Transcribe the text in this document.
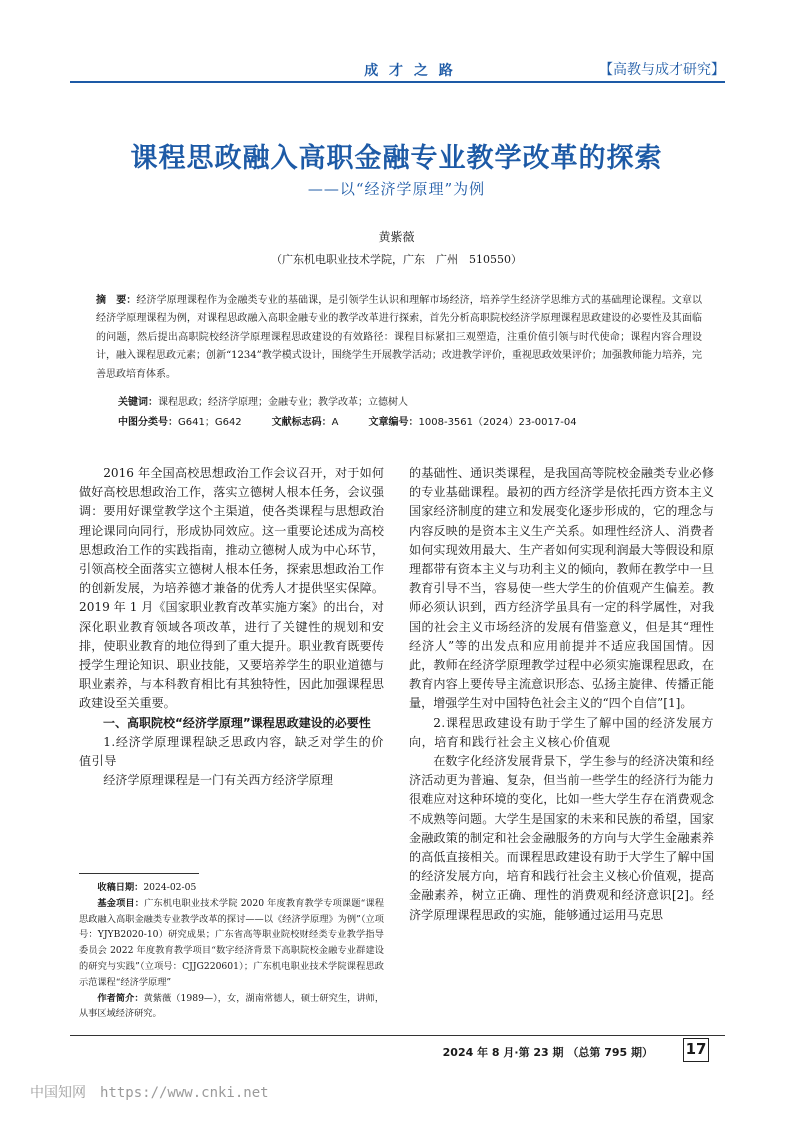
成 才 之 路	【高教与成才研究】
课程思政融入高职金融专业教学改革的探索
——以“经济学原理”为例
黄紫薇
（广东机电职业技术学院，广东　广州　510550）
摘　要：经济学原理课程作为金融类专业的基础课，是引领学生认识和理解市场经济，培养学生经济学思维方式的基础理论课程。文章以经济学原理课程为例，对课程思政融入高职金融专业的教学改革进行探索，首先分析高职院校经济学原理课程思政建设的必要性及其面临的问题，然后提出高职院校经济学原理课程思政建设的有效路径：课程目标紧扣三观塑造，注重价值引领与时代使命；课程内容合理设计，融入课程思政元素；创新“1234”教学模式设计，围绕学生开展教学活动；改进教学评价，重视思政效果评价；加强教师能力培养，完善思政培育体系。
关键词：课程思政；经济学原理；金融专业；教学改革；立德树人
中图分类号：G641；G642	文献标志码：A	文章编号：1008-3561（2024）23-0017-04

2016 年全国高校思想政治工作会议召开，对于如何做好高校思想政治工作，落实立德树人根本任务，会议强调：要用好课堂教学这个主渠道，使各类课程与思想政治理论课同向同行，形成协同效应。这一重要论述成为高校思想政治工作的实践指南，推动立德树人成为中心环节，引领高校全面落实立德树人根本任务，探索思想政治工作的创新发展，为培养德才兼备的优秀人才提供坚实保障。2019 年 1 月《国家职业教育改革实施方案》的出台，对深化职业教育领域各项改革，进行了关键性的规划和安排，使职业教育的地位得到了重大提升。职业教育既要传授学生理论知识、职业技能，又要培养学生的职业道德与职业素养，与本科教育相比有其独特性，因此加强课程思政建设至关重要。

一、高职院校“经济学原理”课程思政建设的必要性

1.经济学原理课程缺乏思政内容，缺乏对学生的价值引导

经济学原理课程是一门有关西方经济学原理

的基础性、通识类课程，是我国高等院校金融类专业必修的专业基础课程。最初的西方经济学是依托西方资本主义国家经济制度的建立和发展变化逐步形成的，它的理念与内容反映的是资本主义生产关系。如理性经济人、消费者如何实现效用最大、生产者如何实现利润最大等假设和原理都带有资本主义与功利主义的倾向，教师在教学中一旦教育引导不当，容易使一些大学生的价值观产生偏差。教师必须认识到，西方经济学虽具有一定的科学属性，对我国的社会主义市场经济的发展有借鉴意义，但是其“理性经济人”等的出发点和应用前提并不适应我国国情。因此，教师在经济学原理教学过程中必须实施课程思政，在教育内容上要传导主流意识形态、弘扬主旋律、传播正能量，增强学生对中国特色社会主义的“四个自信”[1]。

2.课程思政建设有助于学生了解中国的经济发展方向，培育和践行社会主义核心价值观

在数字化经济发展背景下，学生参与的经济决策和经济活动更为普遍、复杂，但当前一些学生的经济行为能力很难应对这种环境的变化，比如一些大学生存在消费观念不成熟等问题。大学生是国家的未来和民族的希望，国家金融政策的制定和社会金融服务的方向与大学生金融素养的高低直接相关。而课程思政建设有助于大学生了解中国的经济发展方向，培育和践行社会主义核心价值观，提高金融素养，树立正确、理性的消费观和经济意识[2]。经济学原理课程思政的实施，能够通过运用马克思

收稿日期：2024-02-05

基金项目：广东机电职业技术学院 2020 年度教育教学专项课题“课程思政融入高职金融类专业教学改革的探讨——以《经济学原理》为例”（立项号：YJYB2020-10）研究成果；广东省高等职业院校财经类专业教学指导委员会 2022 年度教育教学项目“数字经济背景下高职院校金融专业群建设的研究与实践”（立项号：CJJG220601）；广东机电职业技术学院课程思政示范课程“经济学原理”

作者简介：黄紫薇（1989—），女，湖南常德人，硕士研究生，讲师，从事区域经济研究。

2024 年 8 月·第 23 期 （总第 795 期） 17
中国知网 https://www.cnki.net
